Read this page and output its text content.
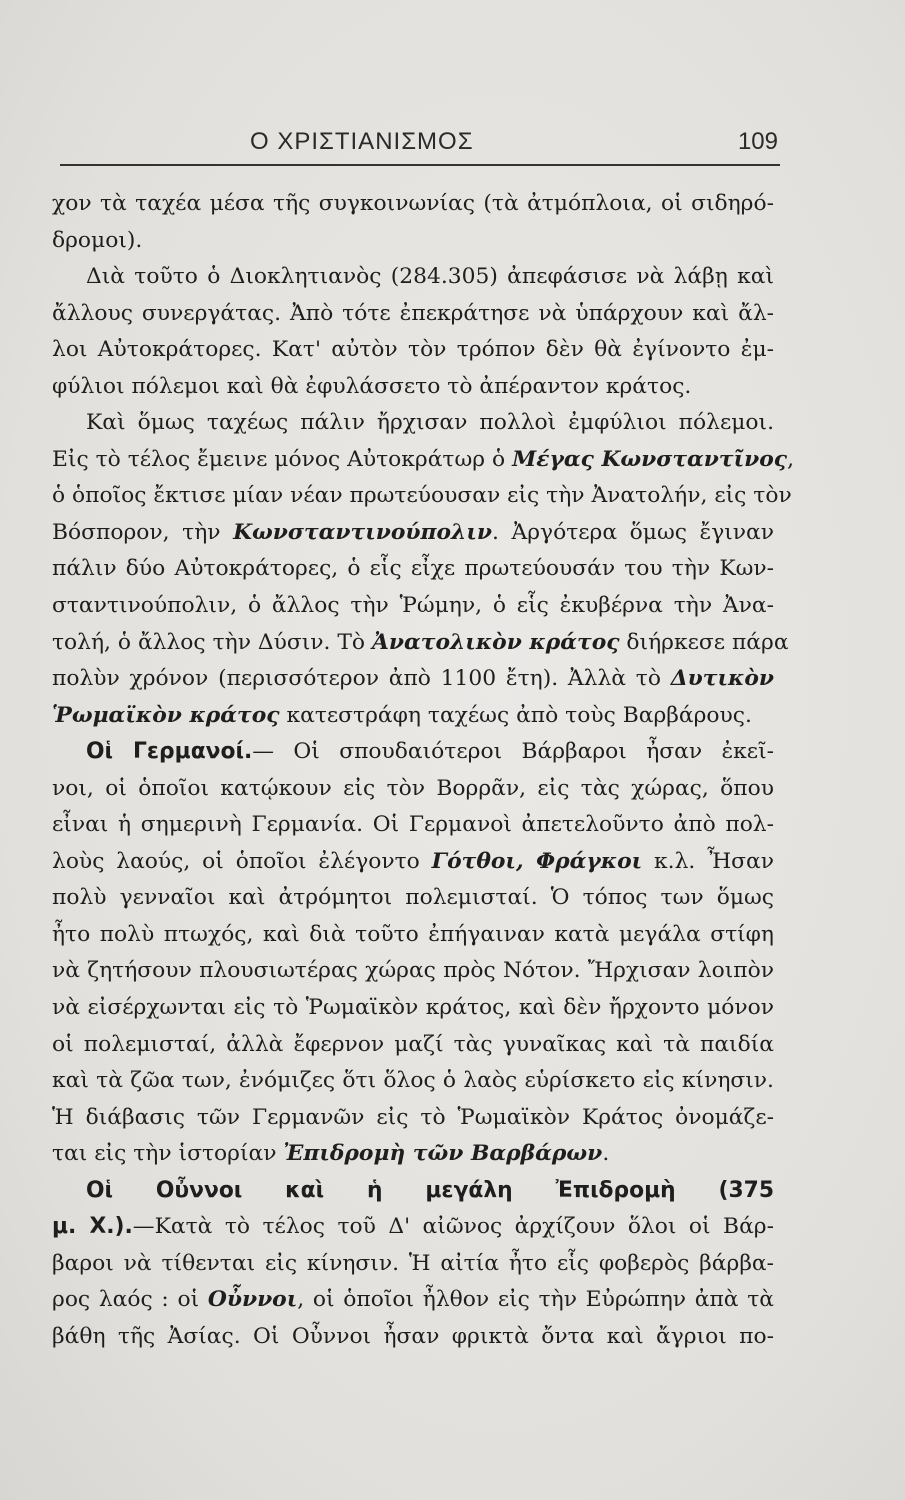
Ο ΧΡΙΣΤΙΑΝΙΣΜΟΣ	109
χον τὰ ταχέα μέσα τῆς συγκοινωνίας (τὰ ἀτμόπλοια, οἱ σιδηρό-
δρομοι).
Διὰ τοῦτο ὁ Διοκλητιανὸς (284.305) ἀπεφάσισε νὰ λάβῃ καὶ
ἄλλους συνεργάτας. Ἀπὸ τότε ἐπεκράτησε νὰ ὑπάρχουν καὶ ἄλ-
λοι Αὐτοκράτορες. Κατ' αὐτὸν τὸν τρόπον δὲν θὰ ἐγίνοντο ἐμ-
φύλιοι πόλεμοι καὶ θὰ ἐφυλάσσετο τὸ ἀπέραντον κράτος.
Καὶ ὅμως ταχέως πάλιν ἤρχισαν πολλοὶ ἐμφύλιοι πόλεμοι.
Εἰς τὸ τέλος ἔμεινε μόνος Αὐτοκράτωρ ὁ Μέγας Κωνσταντῖνος,
ὁ ὁποῖος ἔκτισε μίαν νέαν πρωτεύουσαν εἰς τὴν Ἀνατολήν, εἰς τὸν
Βόσπορον, τὴν Κωνσταντινούπολιν. Ἀργότερα ὅμως ἔγιναν
πάλιν δύο Αὐτοκράτορες, ὁ εἷς εἶχε πρωτεύουσάν του τὴν Κων-
σταντινούπολιν, ὁ ἄλλος τὴν Ῥώμην, ὁ εἷς ἐκυβέρνα τὴν Ἀνα-
τολή, ὁ ἄλλος τὴν Δύσιν. Τὸ Ἀνατολικὸν κράτος διήρκεσε πάρα
πολὺν χρόνον (περισσότερον ἀπὸ 1100 ἔτη). Ἀλλὰ τὸ Δυτικὸν
Ῥωμαϊκὸν κράτος κατεστράφη ταχέως ἀπὸ τοὺς Βαρβάρους.
Οἱ Γερμανοί.— Οἱ σπουδαιότεροι Βάρβαροι ἦσαν ἐκεῖ-
νοι, οἱ ὁποῖοι κατῴκουν εἰς τὸν Βορρᾶν, εἰς τὰς χώρας, ὅπου
εἶναι ἡ σημερινὴ Γερμανία. Οἱ Γερμανοὶ ἀπετελοῦντο ἀπὸ πολ-
λοὺς λαούς, οἱ ὁποῖοι ἐλέγοντο Γότθοι, Φράγκοι κ.λ. Ἦσαν
πολὺ γενναῖοι καὶ ἀτρόμητοι πολεμισταί. Ὁ τόπος των ὅμως
ἦτο πολὺ πτωχός, καὶ διὰ τοῦτο ἐπήγαιναν κατὰ μεγάλα στίφη
νὰ ζητήσουν πλουσιωτέρας χώρας πρὸς Νότον. Ἤρχισαν λοιπὸν
νὰ εἰσέρχωνται εἰς τὸ Ῥωμαϊκὸν κράτος, καὶ δὲν ἤρχοντο μόνον
οἱ πολεμισταί, ἀλλὰ ἔφερνον μαζί τὰς γυναῖκας καὶ τὰ παιδία
καὶ τὰ ζῶα των, ἐνόμιζες ὅτι ὅλος ὁ λαὸς εὑρίσκετο εἰς κίνησιν.
Ἡ διάβασις τῶν Γερμανῶν εἰς τὸ Ῥωμαϊκὸν Κράτος ὀνομάζε-
ται εἰς τὴν ἱστορίαν Ἐπιδρομὴ τῶν Βαρβάρων.
Οἱ Οὖννοι καὶ ἡ μεγάλη Ἐπιδρομὴ (375
μ. Χ.).—Κατὰ τὸ τέλος τοῦ Δ' αἰῶνος ἀρχίζουν ὅλοι οἱ Βάρ-
βαροι νὰ τίθενται εἰς κίνησιν. Ἡ αἰτία ἦτο εἷς φοβερὸς βάρβα-
ρος λαός : οἱ Οὖννοι, οἱ ὁποῖοι ἦλθον εἰς τὴν Εὐρώπην ἀπὰ τὰ
βάθη τῆς Ἀσίας. Οἱ Οὖννοι ἦσαν φρικτὰ ὄντα καὶ ἄγριοι πο-
